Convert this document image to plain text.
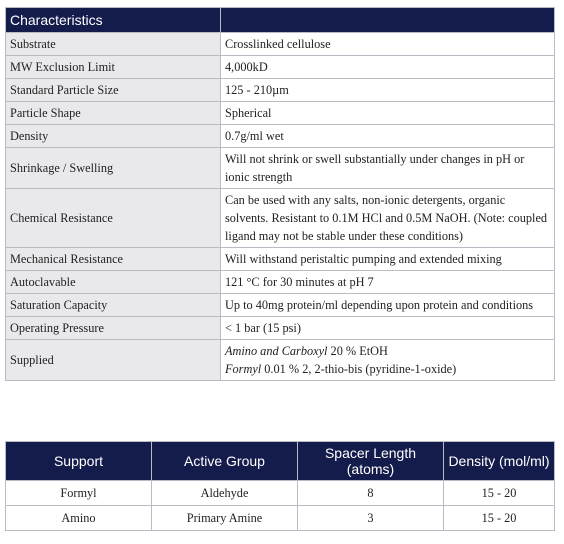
Characteristics	
Substrate	Crosslinked cellulose
MW Exclusion Limit	4,000kD
Standard Particle Size	125 - 210µm
Particle Shape	Spherical
Density	0.7g/ml wet
Shrinkage / Swelling	Will not shrink or swell substantially under changes in pH or ionic strength
Chemical Resistance	Can be used with any salts, non-ionic detergents, organic solvents. Resistant to 0.1M HCl and 0.5M NaOH. (Note: coupled ligand may not be stable under these conditions)
Mechanical Resistance	Will withstand peristaltic pumping and extended mixing
Autoclavable	121 °C for 30 minutes at pH 7
Saturation Capacity	Up to 40mg protein/ml depending upon protein and conditions
Operating Pressure	< 1 bar (15 psi)
Supplied	Amino and Carboxyl 20 % EtOH
Formyl 0.01 % 2, 2-thio-bis (pyridine-1-oxide)
Support	Active Group	Spacer Length (atoms)	Density (mol/ml)
Formyl	Aldehyde	8	15 - 20
Amino	Primary Amine	3	15 - 20
